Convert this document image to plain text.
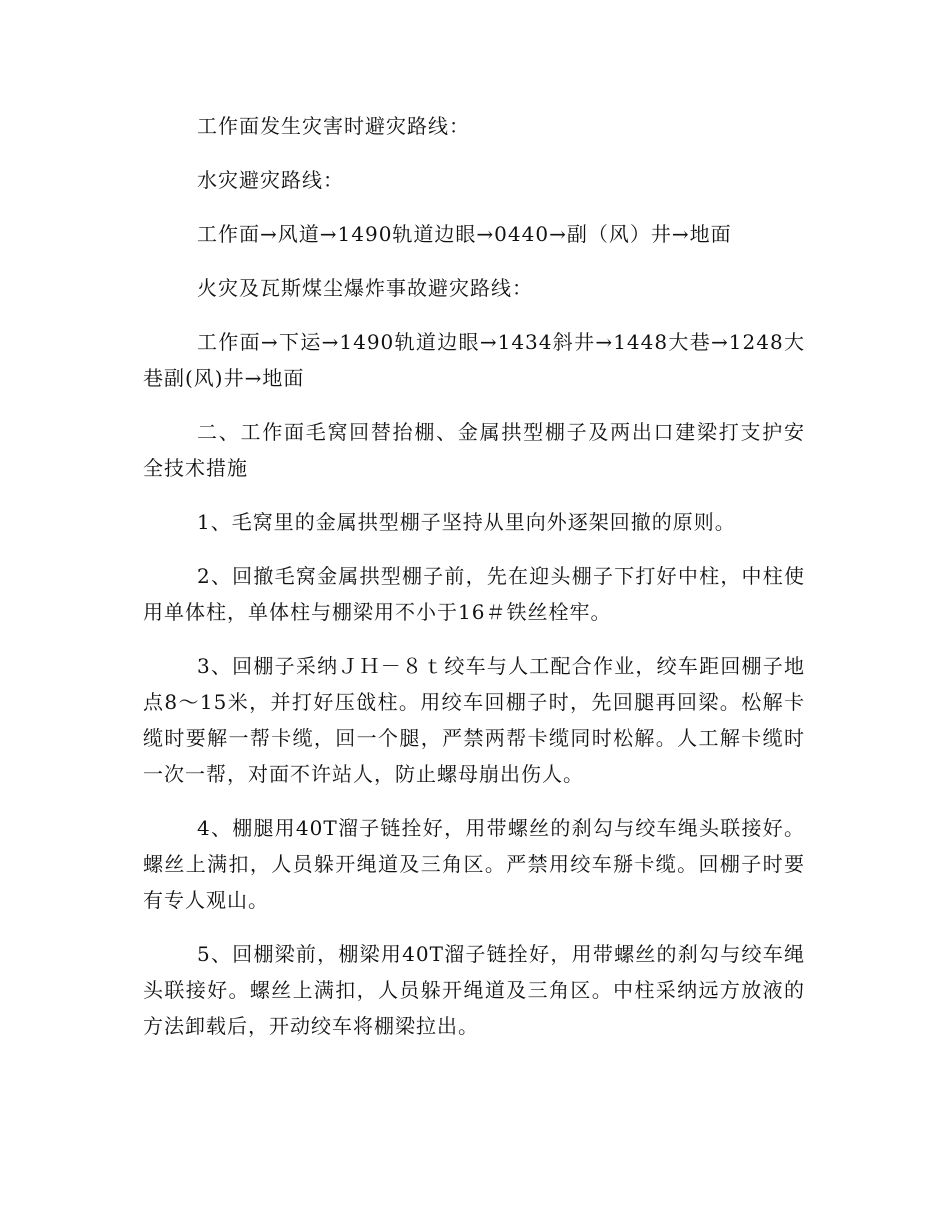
工作面发生灾害时避灾路线：

水灾避灾路线：

工作面→风道→1490轨道边眼→0440→副（风）井→地面

火灾及瓦斯煤尘爆炸事故避灾路线：

工作面→下运→1490轨道边眼→1434斜井→1448大巷→1248大巷副(风)井→地面

二、工作面毛窝回替抬棚、金属拱型棚子及两出口建梁打支护安全技术措施

1、毛窝里的金属拱型棚子坚持从里向外逐架回撤的原则。

2、回撤毛窝金属拱型棚子前，先在迎头棚子下打好中柱，中柱使用单体柱，单体柱与棚梁用不小于16＃铁丝栓牢。

3、回棚子采纳ＪＨ－８ｔ绞车与人工配合作业，绞车距回棚子地点8～15米，并打好压戗柱。用绞车回棚子时，先回腿再回梁。松解卡缆时要解一帮卡缆，回一个腿，严禁两帮卡缆同时松解。人工解卡缆时一次一帮，对面不许站人，防止螺母崩出伤人。

4、棚腿用40T溜子链拴好，用带螺丝的刹勾与绞车绳头联接好。螺丝上满扣，人员躲开绳道及三角区。严禁用绞车掰卡缆。回棚子时要有专人观山。

5、回棚梁前，棚梁用40T溜子链拴好，用带螺丝的刹勾与绞车绳头联接好。螺丝上满扣，人员躲开绳道及三角区。中柱采纳远方放液的方法卸载后，开动绞车将棚梁拉出。
